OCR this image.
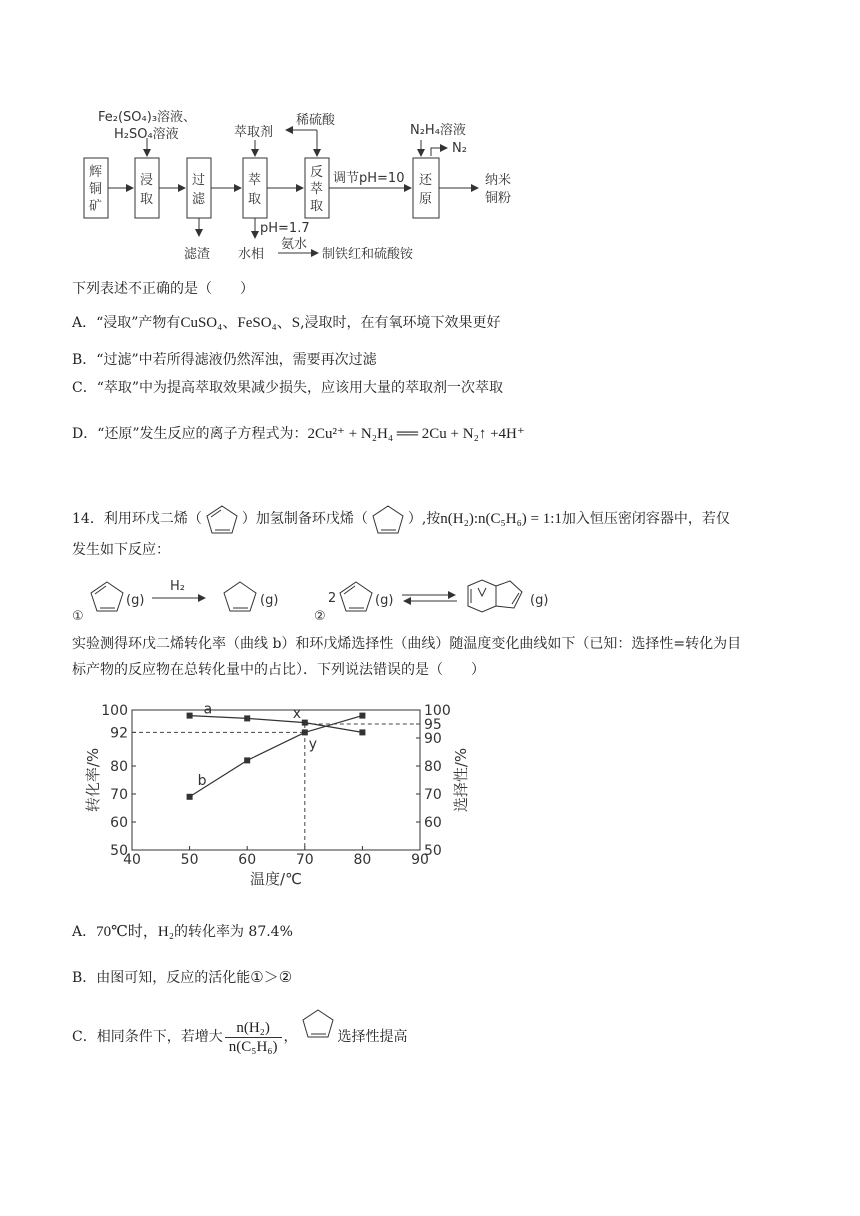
Fe₂(SO₄)₃溶液、
H₂SO₄溶液	萃取剂
稀硫酸
N₂H₄溶液
N₂
辉
铜
矿
浸
取
过
滤
萃
取
反
萃
取
还
原
调节pH=10	纳米
铜粉
滤渣
pH=1.7
水相
氨水
制铁红和硫酸铵
下列表述不正确的是（　　）
A．“浸取”产物有CuSO₄、FeSO₄、S,浸取时，在有氧环境下效果更好
B．“过滤”中若所得滤液仍然浑浊，需要再次过滤
C．“萃取”中为提高萃取效果减少损失，应该用大量的萃取剂一次萃取
D．“还原”发生反应的离子方程式为：2Cu²⁺ + N₂H₄ ══ 2Cu + N₂↑ +4H⁺
14．利用环戊二烯（	）加氢制备环戊烯（	）,按n(H₂):n(C₅H₆) = 1:1加入恒压密闭容器中，若仅
发生如下反应：
①
(g)
H₂
(g)
②
2	(g)	(g)
实验测得环戊二烯转化率（曲线 b）和环戊烯选择性（曲线）随温度变化曲线如下（已知：选择性=转化为目
标产物的反应物在总转化量中的占比）．下列说法错误的是（　　）
40	50	60	70	80	90
50
60
70
80
92
100
50
60
70
80
90
95
100
a
b
x
y
温度/℃
转化率/%	选择性/%
A．70℃时，H₂的转化率为 87.4%
B．由图可知，反应的活化能①＞②
C．相同条件下，若增大 $\frac{\text{n(H₂)}}{\text{n(C₅H₆)}}$ ，	选择性提高
